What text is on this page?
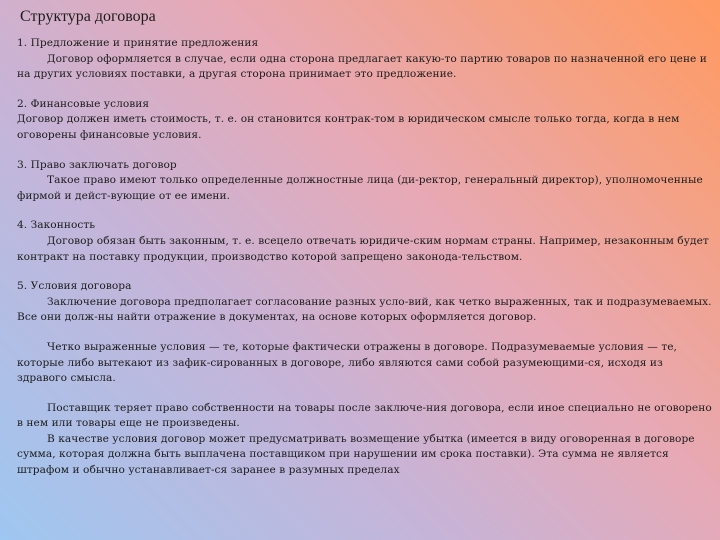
Структура договора

1. Предложение и принятие предложения

Договор оформляется в случае, если одна сторона предлагает какую-то партию товаров по назначенной его цене и на других условиях поставки, а другая сторона принимает это предложение.

2. Финансовые условия

Договор должен иметь стоимость, т. е. он становится контрак-том в юридическом смысле только тогда, когда в нем оговорены финансовые условия.

3. Право заключать договор

Такое право имеют только определенные должностные лица (ди-ректор, генеральный директор), уполномоченные фирмой и дейст-вующие от ее имени.

4. Законность

Договор обязан быть законным, т. е. всецело отвечать юридиче-ским нормам страны. Например, незаконным будет контракт на поставку продукции, производство которой запрещено законода-тельством.

5. Условия договора

Заключение договора предполагает согласование разных усло-вий, как четко выраженных, так и подразумеваемых. Все они долж-ны найти отражение в документах, на основе которых оформляется договор.

Четко выраженные условия — те, которые фактически отражены в договоре. Подразумеваемые условия — те, которые либо вытекают из зафик-сированных в договоре, либо являются сами собой разумеющими-ся, исходя из здравого смысла.

Поставщик теряет право собственности на товары после заключе-ния договора, если иное специально не оговорено в нем или товары еще не произведены.

В качестве условия договор может предусматривать возмещение убытка (имеется в виду оговоренная в договоре сумма, которая должна быть выплачена поставщиком при нарушении им срока поставки). Эта сумма не является штрафом и обычно устанавливает-ся заранее в разумных пределах
